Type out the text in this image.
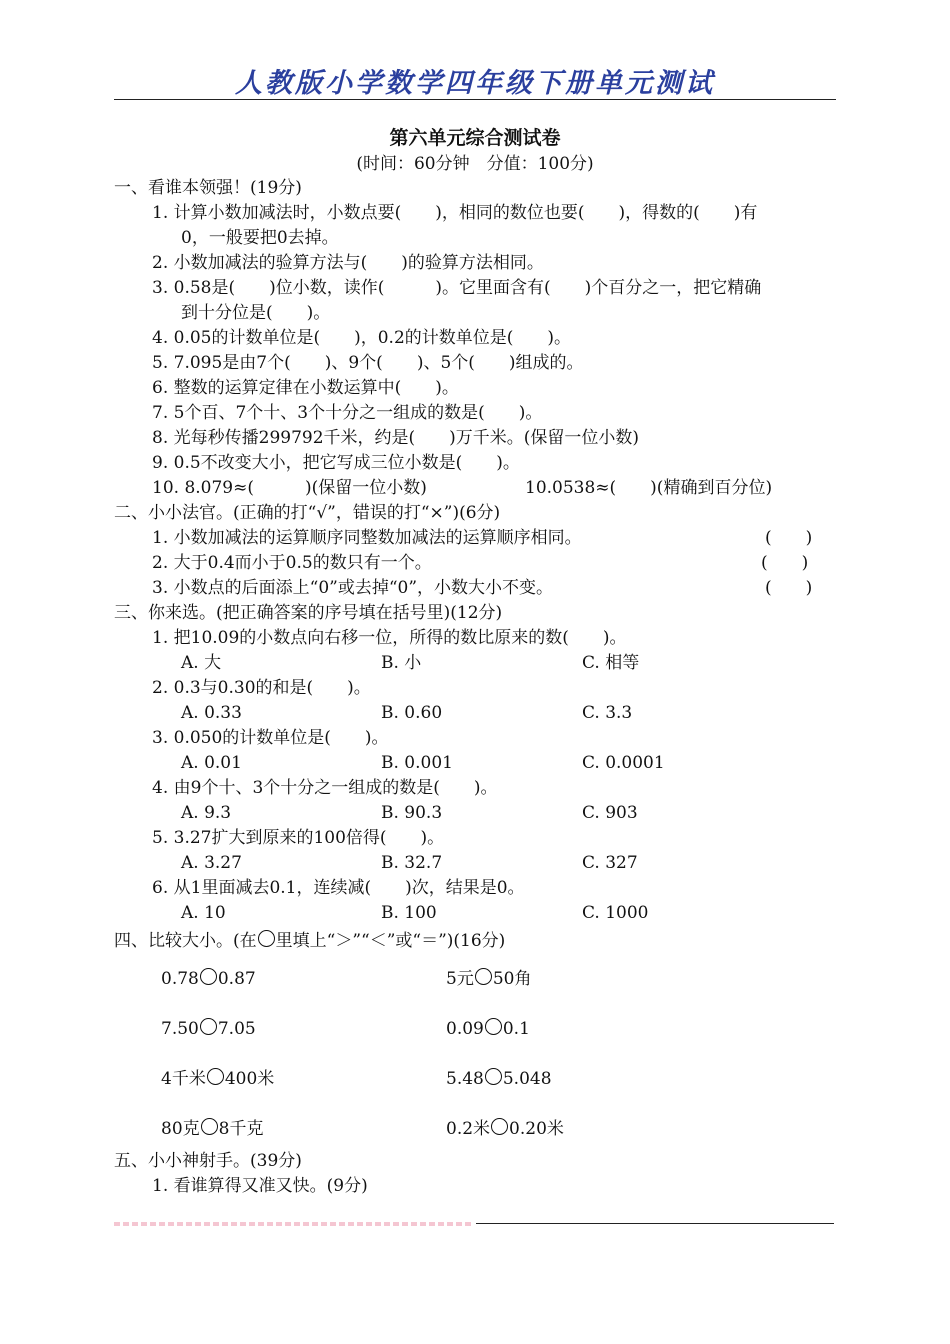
人教版小学数学四年级下册单元测试
第六单元综合测试卷
(时间：60分钟　分值：100分)
一、看谁本领强！(19分)
1. 计算小数加减法时，小数点要(　　)，相同的数位也要(　　)，得数的(　　)有
0，一般要把0去掉。
2. 小数加减法的验算方法与(　　)的验算方法相同。
3. 0.58是(　　)位小数，读作(　　　)。它里面含有(　　)个百分之一，把它精确
到十分位是(　　)。
4. 0.05的计数单位是(　　)，0.2的计数单位是(　　)。
5. 7.095是由7个(　　)、9个(　　)、5个(　　)组成的。
6. 整数的运算定律在小数运算中(　　)。
7. 5个百、7个十、3个十分之一组成的数是(　　)。
8. 光每秒传播299792千米，约是(　　)万千米。(保留一位小数)
9. 0.5不改变大小，把它写成三位小数是(　　)。
10. 8.079≈(　　　)(保留一位小数)	10.0538≈(　　)(精确到百分位)
二、小小法官。(正确的打“√”，错误的打“×”)(6分)
1. 小数加减法的运算顺序同整数加减法的运算顺序相同。	(　　)
2. 大于0.4而小于0.5的数只有一个。	(　　)
3. 小数点的后面添上“0”或去掉“0”，小数大小不变。	(　　)
三、你来选。(把正确答案的序号填在括号里)(12分)
1. 把10.09的小数点向右移一位，所得的数比原来的数(　　)。
A. 大	B. 小	C. 相等
2. 0.3与0.30的和是(　　)。
A. 0.33	B. 0.60	C. 3.3
3. 0.050的计数单位是(　　)。
A. 0.01	B. 0.001	C. 0.0001
4. 由9个十、3个十分之一组成的数是(　　)。
A. 9.3	B. 90.3	C. 903
5. 3.27扩大到原来的100倍得(　　)。
A. 3.27	B. 32.7	C. 327
6. 从1里面减去0.1，连续减(　　)次，结果是0。
A. 10	B. 100	C. 1000
四、比较大小。(在 里填上“＞”“＜”或“＝”)(16分)
0.78 0.87	5元 50角
7.50 7.05	0.09 0.1
4千米 400米	5.48 5.048
80克 8千克	0.2米 0.20米
五、小小神射手。(39分)
1. 看谁算得又准又快。(9分)
